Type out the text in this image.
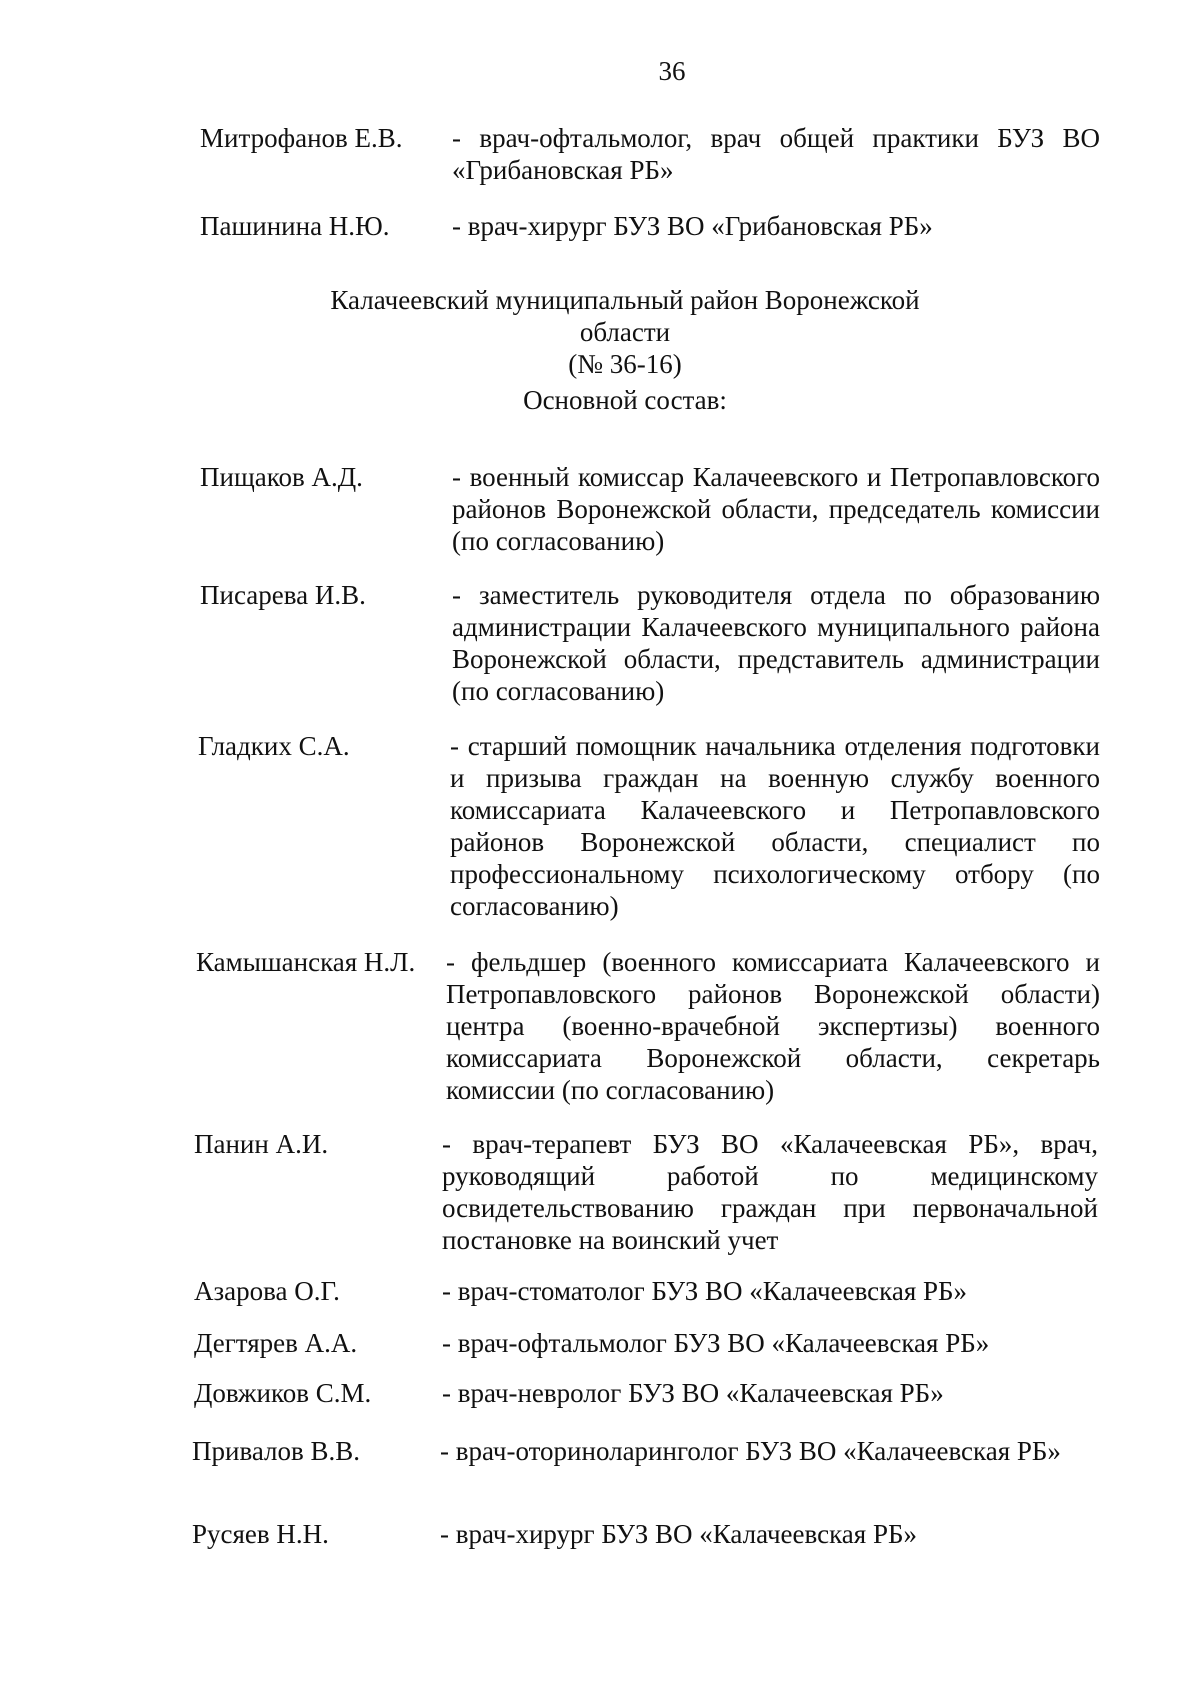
36
Митрофанов Е.В. - врач-офтальмолог, врач общей практики БУЗ ВО «Грибановская РБ»
Пашинина Н.Ю. - врач-хирург БУЗ ВО «Грибановская РБ»
Калачеевский муниципальный район Воронежской области
(№ 36-16)
Основной состав:
Пищаков А.Д.	- военный комиссар Калачеевского и Петропавловского районов Воронежской области, председатель комиссии (по согласованию)
Писарева И.В.	- заместитель руководителя отдела по образованию администрации Калачеевского муниципального района Воронежской области, представитель администрации (по согласованию)
Гладких С.А.	- старший помощник начальника отделения подготовки и призыва граждан на военную службу военного комиссариата Калачеевского и Петропавловского районов Воронежской области, специалист по профессиональному психологическому отбору (по согласованию)
Камышанская Н.Л. - фельдшер (военного комиссариата Калачеевского и Петропавловского районов Воронежской области) центра (военно-врачебной экспертизы) военного комиссариата Воронежской области, секретарь комиссии (по согласованию)
Панин А.И.	- врач-терапевт БУЗ ВО «Калачеевская РБ», врач, руководящий работой по медицинскому освидетельствованию граждан при первоначальной постановке на воинский учет
Азарова О.Г.	- врач-стоматолог БУЗ ВО «Калачеевская РБ»
Дегтярев А.А.	- врач-офтальмолог БУЗ ВО «Калачеевская РБ»
Довжиков С.М.	- врач-невролог БУЗ ВО «Калачеевская РБ»
Привалов В.В.	- врач-оториноларинголог БУЗ ВО «Калачеевская РБ»
Русяев Н.Н.	- врач-хирург БУЗ ВО «Калачеевская РБ»
